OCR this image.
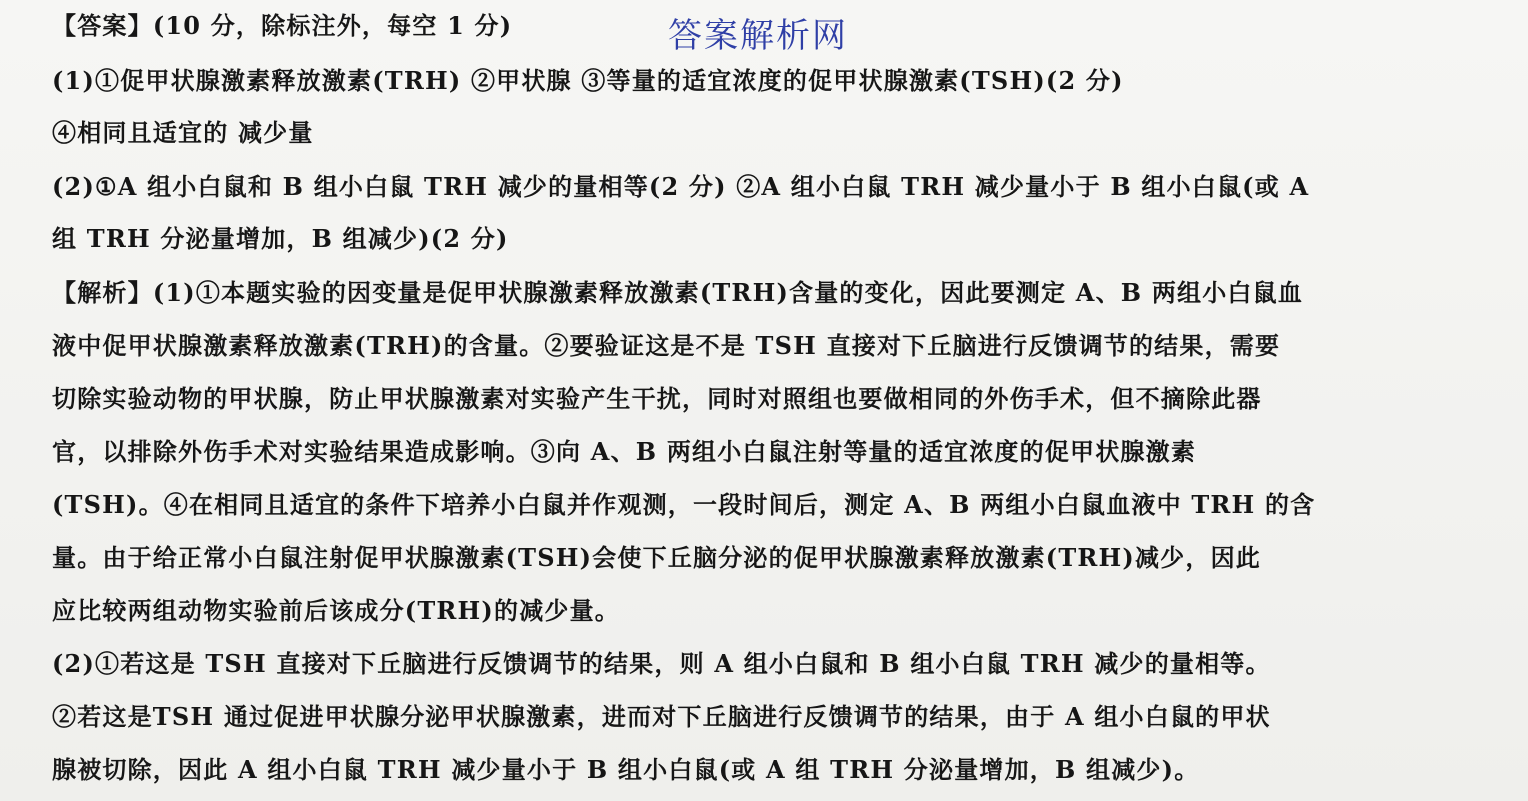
答案解析网
【答案】(10 分，除标注外，每空 1 分)
(1)①促甲状腺激素释放激素(TRH) ②甲状腺 ③等量的适宜浓度的促甲状腺激素(TSH)(2 分)
④相同且适宜的 减少量
(2)①A 组小白鼠和 B 组小白鼠 TRH 减少的量相等(2 分) ②A 组小白鼠 TRH 减少量小于 B 组小白鼠(或 A
组 TRH 分泌量增加，B 组减少)(2 分)
【解析】(1)①本题实验的因变量是促甲状腺激素释放激素(TRH)含量的变化，因此要测定 A、B 两组小白鼠血
液中促甲状腺激素释放激素(TRH)的含量。②要验证这是不是 TSH 直接对下丘脑进行反馈调节的结果，需要
切除实验动物的甲状腺，防止甲状腺激素对实验产生干扰，同时对照组也要做相同的外伤手术，但不摘除此器
官，以排除外伤手术对实验结果造成影响。③向 A、B 两组小白鼠注射等量的适宜浓度的促甲状腺激素
(TSH)。④在相同且适宜的条件下培养小白鼠并作观测，一段时间后，测定 A、B 两组小白鼠血液中 TRH 的含
量。由于给正常小白鼠注射促甲状腺激素(TSH)会使下丘脑分泌的促甲状腺激素释放激素(TRH)减少，因此
应比较两组动物实验前后该成分(TRH)的减少量。
(2)①若这是 TSH 直接对下丘脑进行反馈调节的结果，则 A 组小白鼠和 B 组小白鼠 TRH 减少的量相等。
②若这是TSH 通过促进甲状腺分泌甲状腺激素，进而对下丘脑进行反馈调节的结果，由于 A 组小白鼠的甲状
腺被切除，因此 A 组小白鼠 TRH 减少量小于 B 组小白鼠(或 A 组 TRH 分泌量增加，B 组减少)。
